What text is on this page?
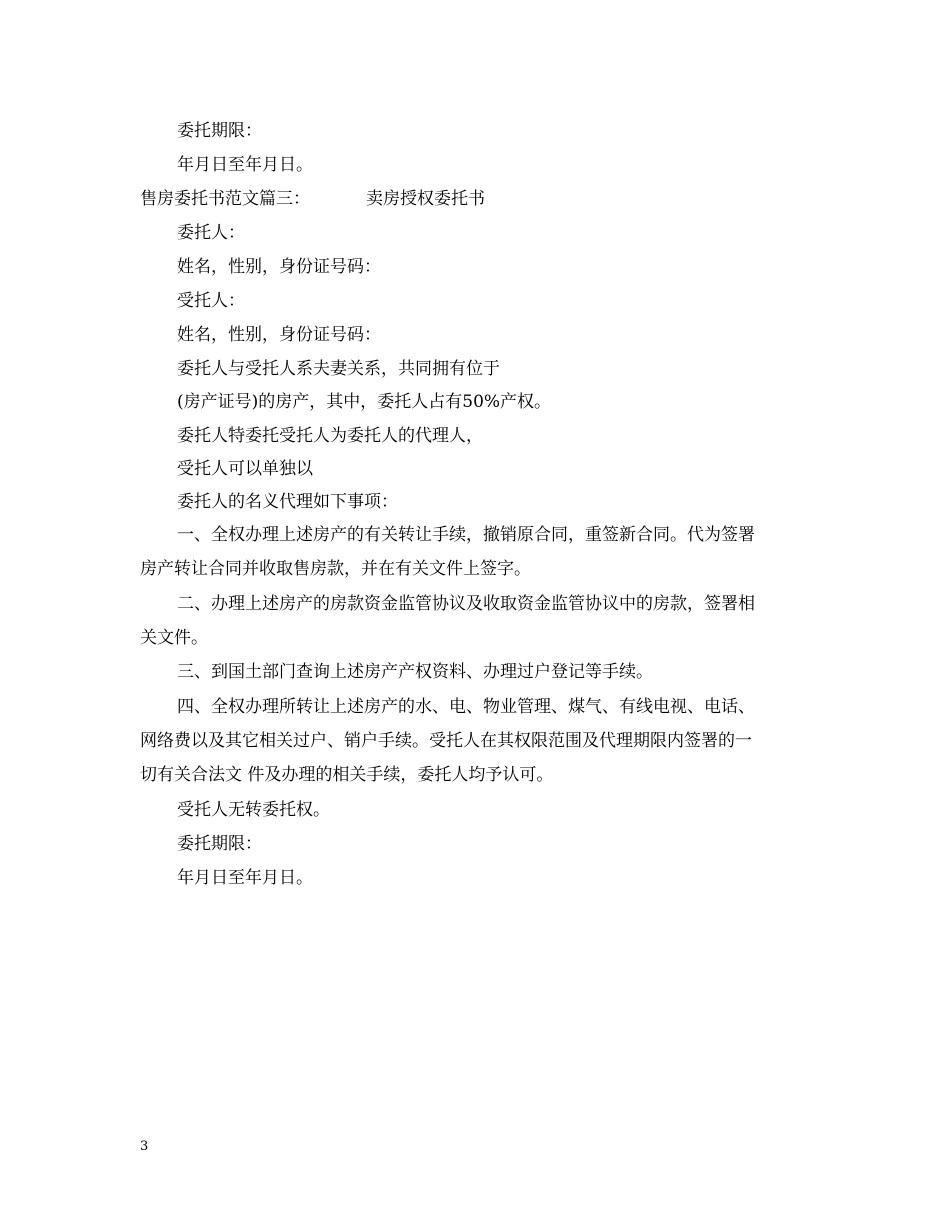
委托期限：
年月日至年月日。
售房委托书范文篇三：	卖房授权委托书
委托人：
姓名，性别，身份证号码：
受托人：
姓名，性别，身份证号码：
委托人与受托人系夫妻关系，共同拥有位于
(房产证号)的房产，其中，委托人占有50%产权。
委托人特委托受托人为委托人的代理人，
受托人可以单独以
委托人的名义代理如下事项：
一、全权办理上述房产的有关转让手续，撤销原合同，重签新合同。代为签署
房产转让合同并收取售房款，并在有关文件上签字。
二、办理上述房产的房款资金监管协议及收取资金监管协议中的房款，签署相
关文件。
三、到国土部门查询上述房产产权资料、办理过户登记等手续。
四、全权办理所转让上述房产的水、电、物业管理、煤气、有线电视、电话、
网络费以及其它相关过户、销户手续。受托人在其权限范围及代理期限内签署的一
切有关合法文 件及办理的相关手续，委托人均予认可。
受托人无转委托权。
委托期限：
年月日至年月日。
3
